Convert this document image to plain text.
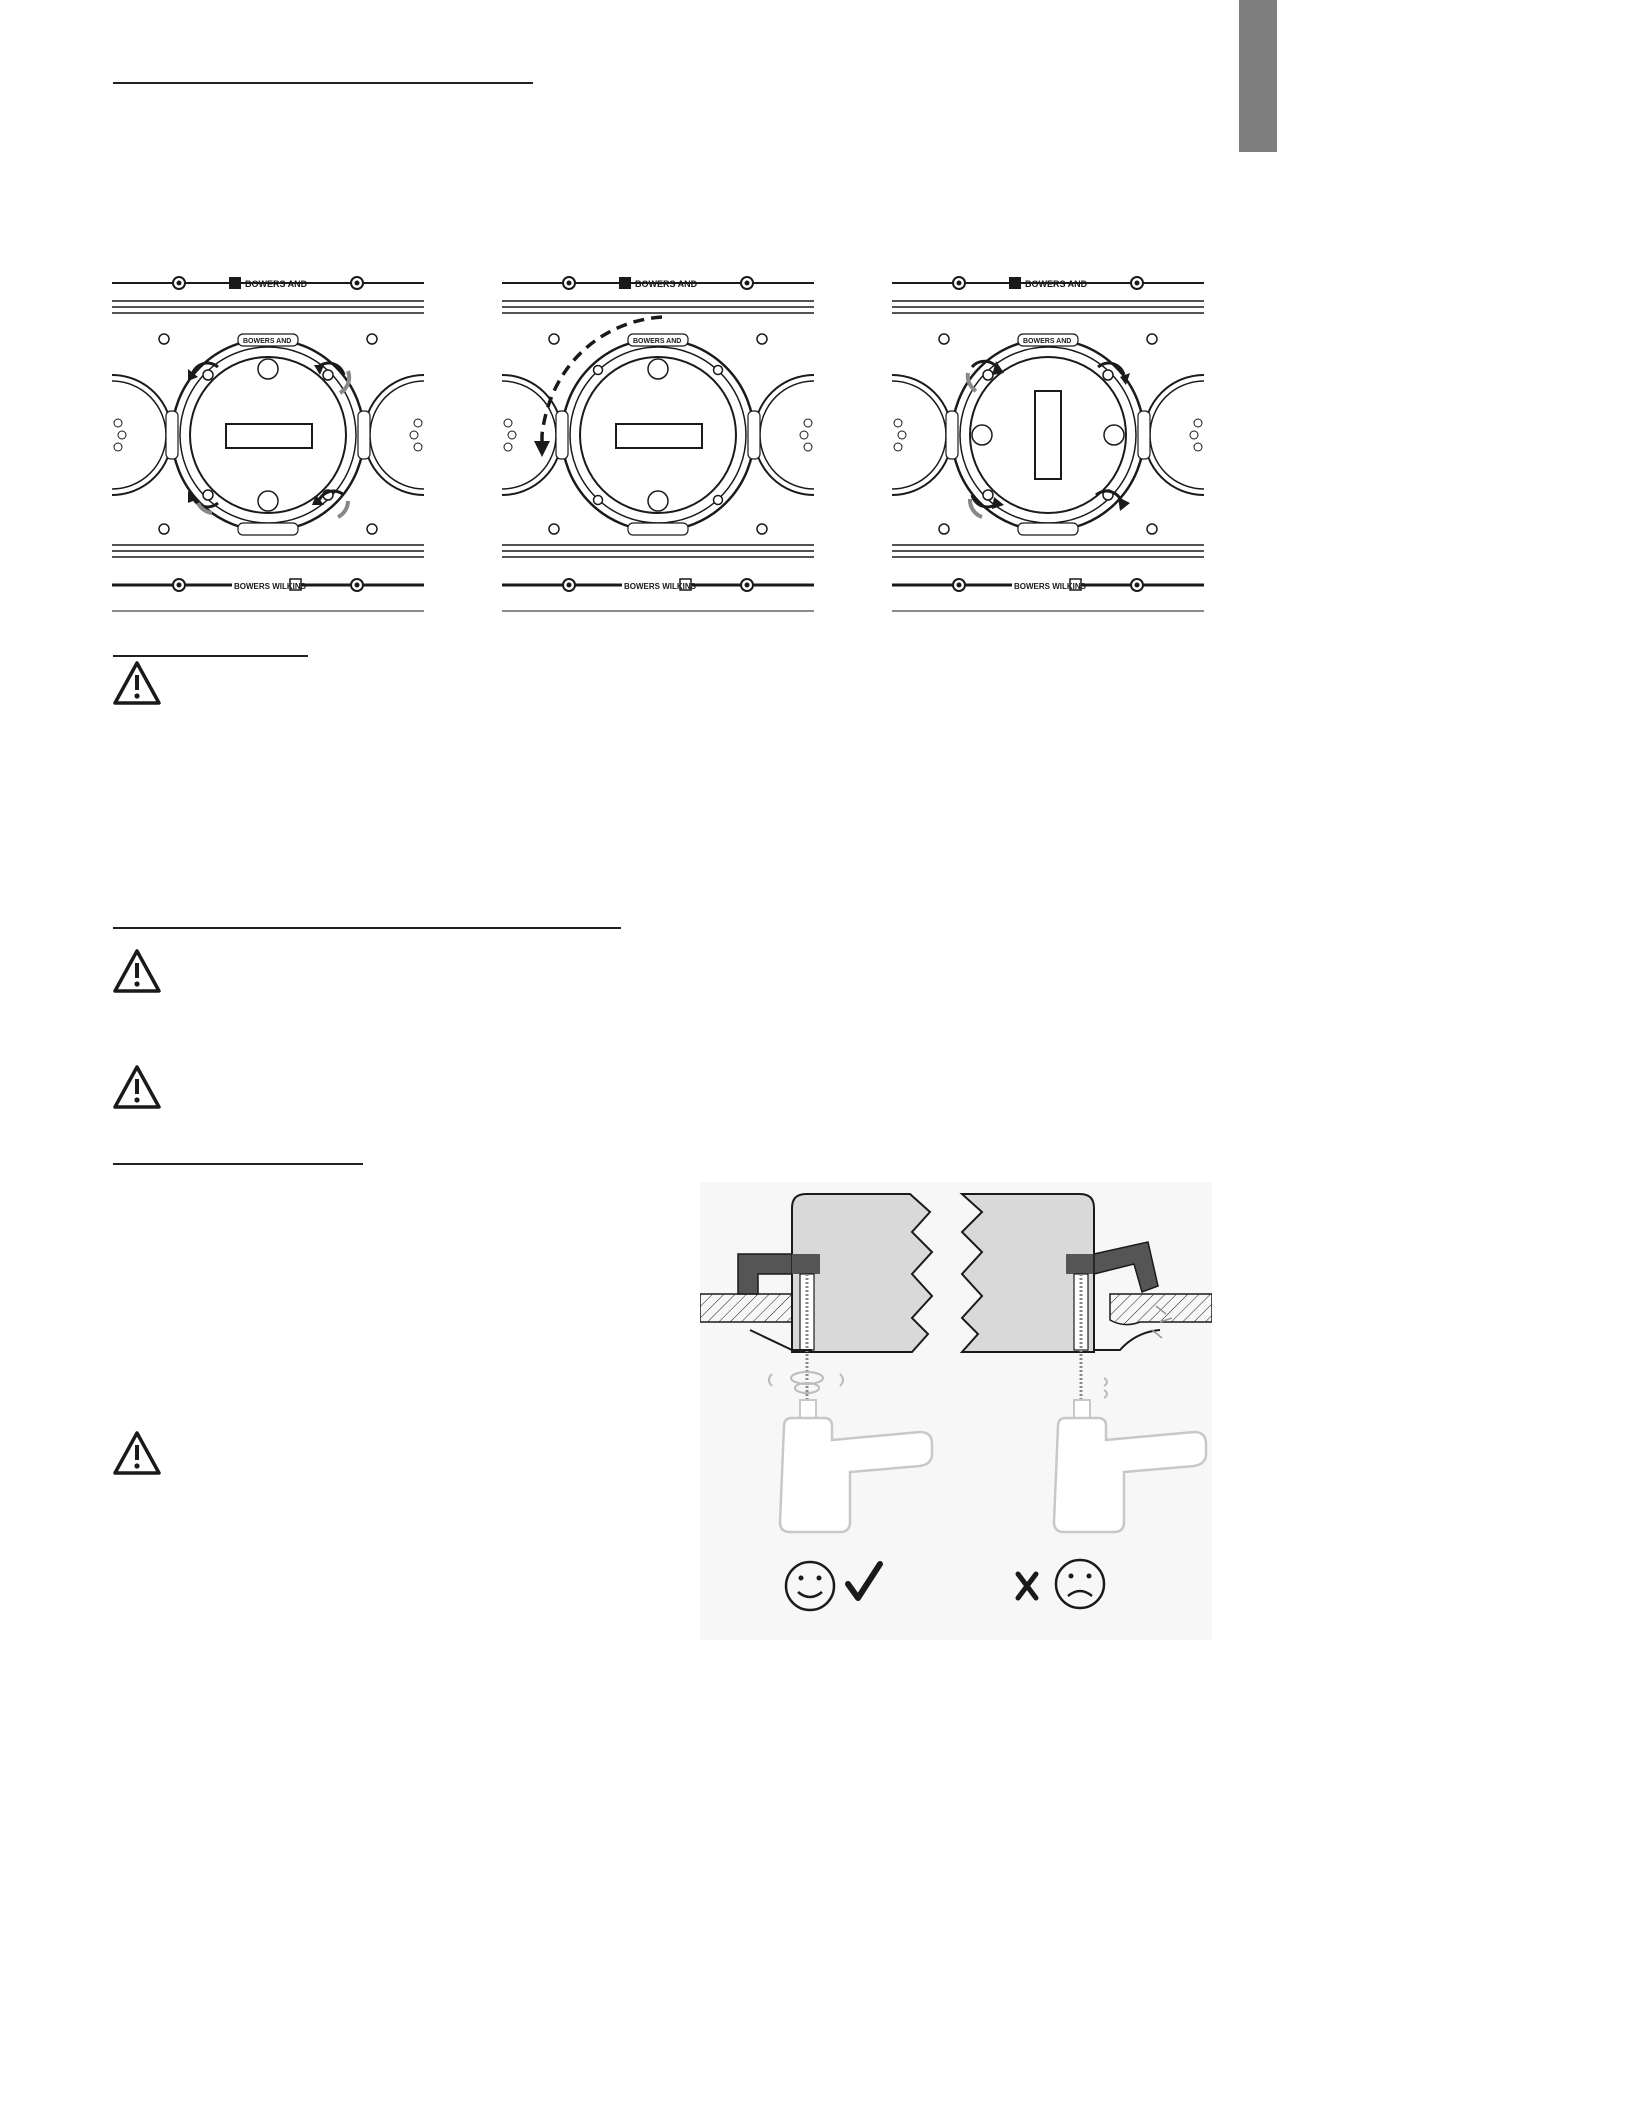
BOWERS AND
BOWERS WILKINS
BOWERS AND
BOWERS AND
BOWERS WILKINS
BOWERS AND
BOWERS AND
BOWERS WILKINS
BOWERS AND
